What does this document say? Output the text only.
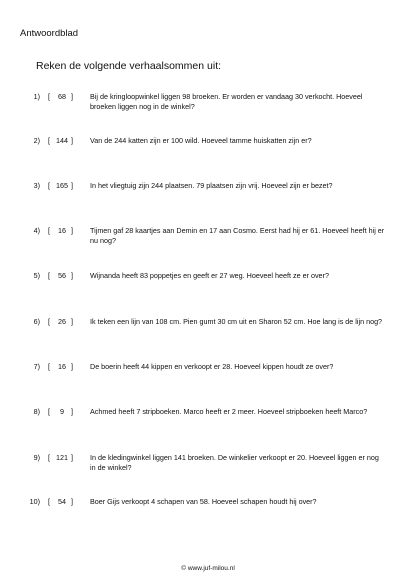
Antwoordblad
Reken de volgende verhaalsommen uit:
1) [	68 ] Bij de kringloopwinkel liggen 98 broeken. Er worden er vandaag 30 verkocht. Hoeveel broeken liggen nog in de winkel?
2) [ 144 ] Van de 244 katten zijn er 100 wild. Hoeveel tamme huiskatten zijn er?
3) [ 165 ] In het vliegtuig zijn 244 plaatsen. 79 plaatsen zijn vrij. Hoeveel zijn er bezet?
4) [	16 ] Tijmen gaf 28 kaartjes aan Demin en 17 aan Cosmo. Eerst had hij er 61. Hoeveel heeft hij er nu nog?
5) [	56 ] Wijnanda heeft 83 poppetjes en geeft er 27 weg. Hoeveel heeft ze er over?
6) [	26 ] Ik teken een lijn van 108 cm. Pien gumt 30 cm uit en Sharon 52 cm. Hoe lang is de lijn nog?
7) [	16 ] De boerin heeft 44 kippen en verkoopt er 28. Hoeveel kippen houdt ze over?
8) [	9 ] Achmed heeft 7 stripboeken. Marco heeft er 2 meer. Hoeveel stripboeken heeft Marco?
9) [ 121 ] In de kledingwinkel liggen 141 broeken. De winkelier verkoopt er 20. Hoeveel liggen er nog in de winkel?
10) [	54 ] Boer Gijs verkoopt 4 schapen van 58. Hoeveel schapen houdt hij over?
© www.juf-milou.nl
